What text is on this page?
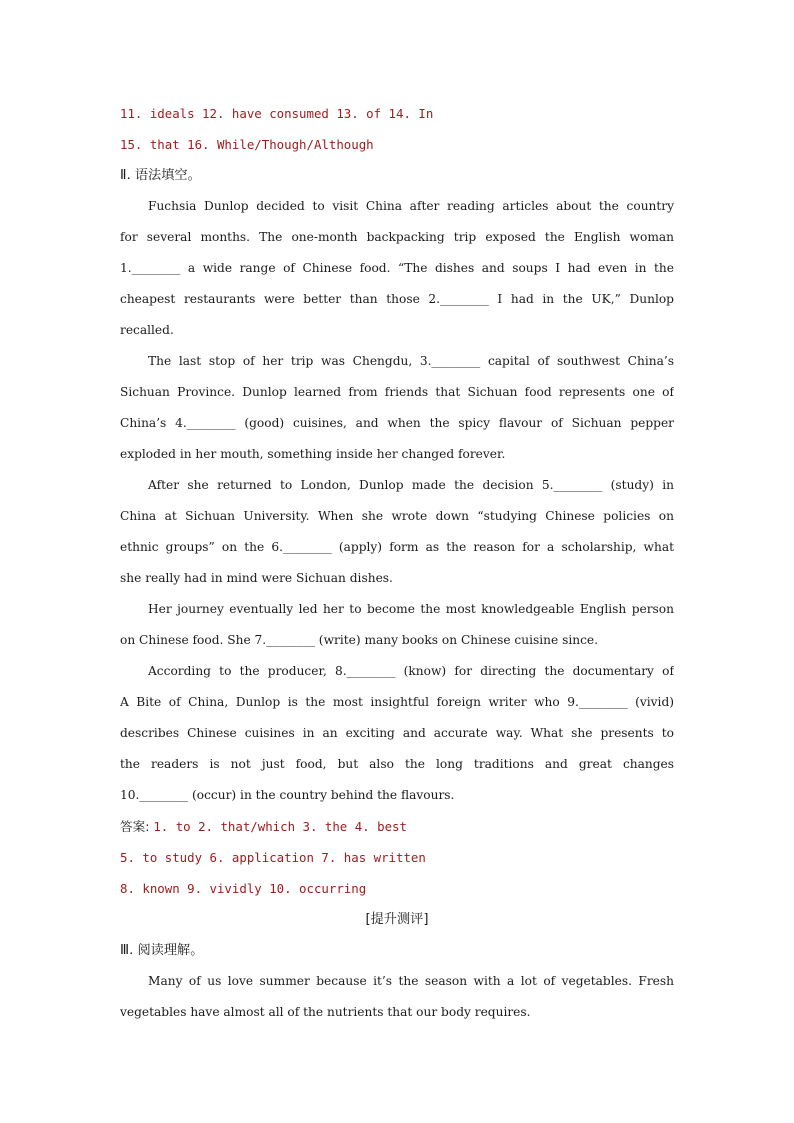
11. ideals 12. have consumed 13. of 14. In
15. that 16. While/Though/Although
Ⅱ. 语法填空。
Fuchsia Dunlop decided to visit China after reading articles about the country
for several months. The one-month backpacking trip exposed the English woman
1.________ a wide range of Chinese food. “The dishes and soups I had even in the
cheapest restaurants were better than those 2.________ I had in the UK,” Dunlop
recalled.
The last stop of her trip was Chengdu, 3.________ capital of southwest China’s
Sichuan Province. Dunlop learned from friends that Sichuan food represents one of
China’s 4.________ (good) cuisines, and when the spicy flavour of Sichuan pepper
exploded in her mouth, something inside her changed forever.
After she returned to London, Dunlop made the decision 5.________ (study) in
China at Sichuan University. When she wrote down “studying Chinese policies on
ethnic groups” on the 6.________ (apply) form as the reason for a scholarship, what
she really had in mind were Sichuan dishes.
Her journey eventually led her to become the most knowledgeable English person
on Chinese food. She 7.________ (write) many books on Chinese cuisine since.
According to the producer, 8.________ (know) for directing the documentary of
A Bite of China, Dunlop is the most insightful foreign writer who 9.________ (vivid)
describes Chinese cuisines in an exciting and accurate way. What she presents to
the readers is not just food, but also the long traditions and great changes
10.________ (occur) in the country behind the flavours.
答案: 1. to 2. that/which 3. the 4. best
5. to study 6. application 7. has written
8. known 9. vividly 10. occurring
[提升测评]
Ⅲ. 阅读理解。
Many of us love summer because it’s the season with a lot of vegetables. Fresh
vegetables have almost all of the nutrients that our body requires.
